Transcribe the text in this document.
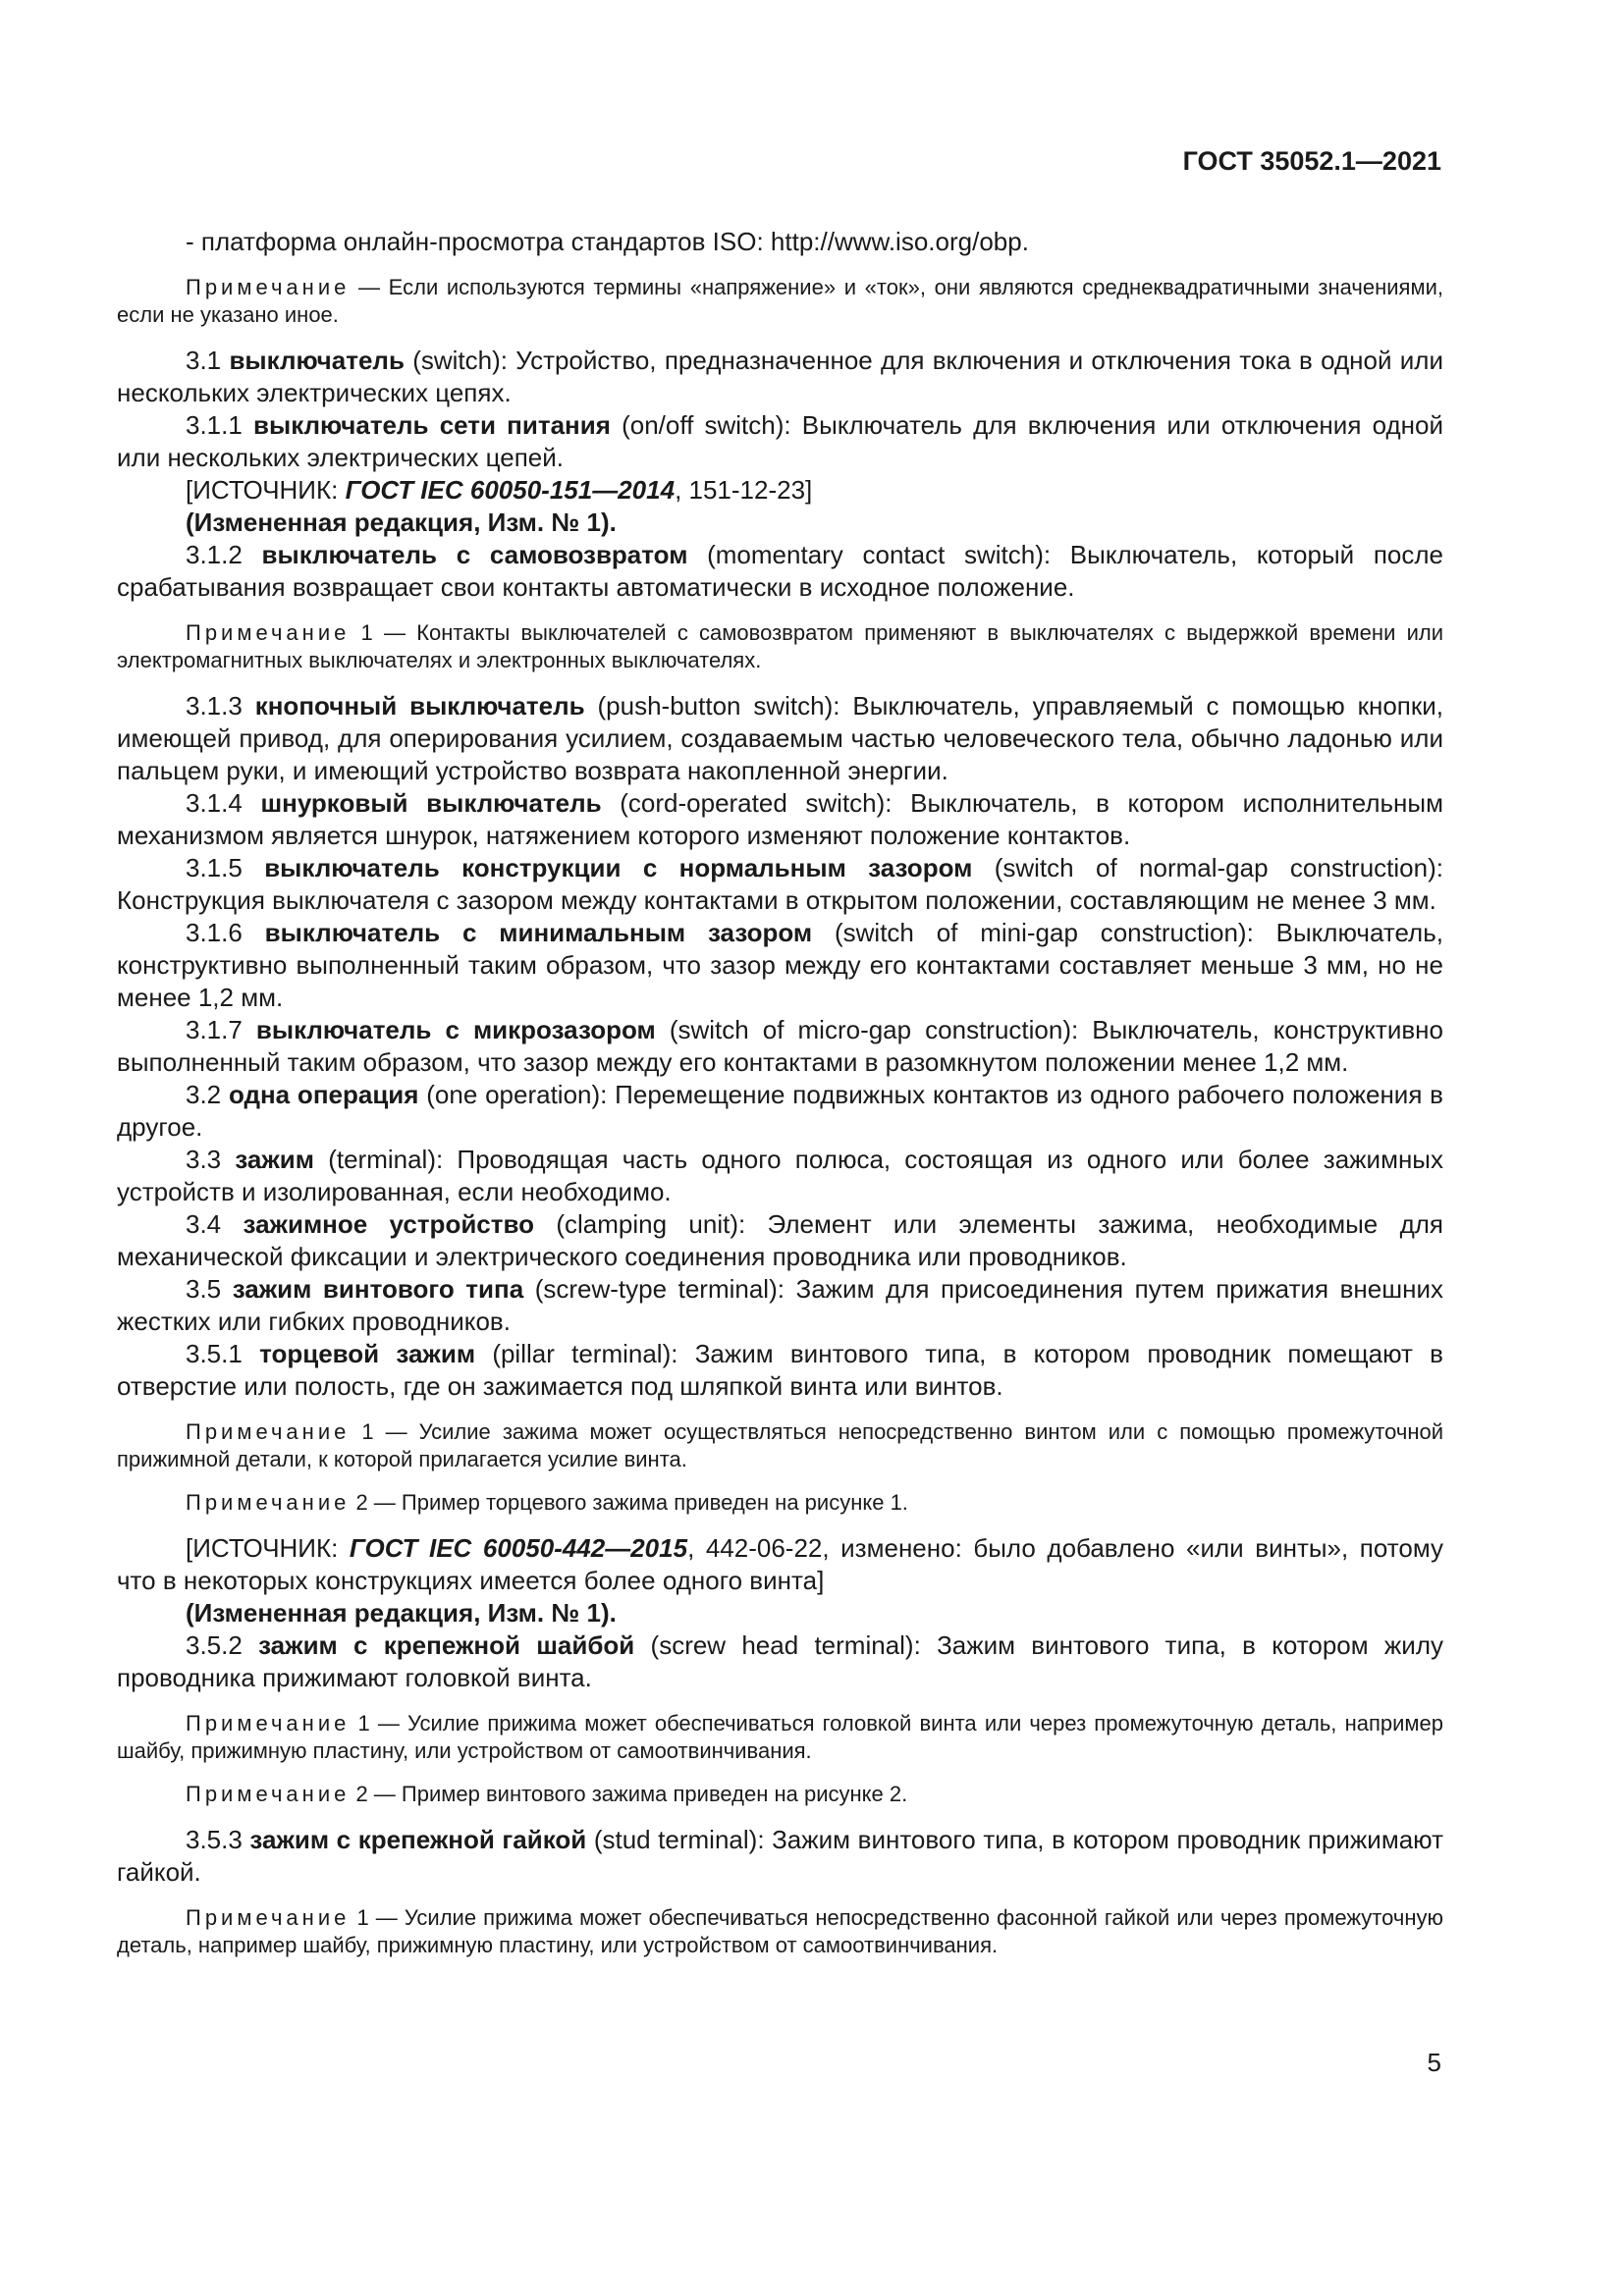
ГОСТ 35052.1—2021

- платформа онлайн-просмотра стандартов ISO: http://www.iso.org/obp.

Примечание — Если используются термины «напряжение» и «ток», они являются среднеквадратичными значениями, если не указано иное.

3.1 выключатель (switch): Устройство, предназначенное для включения и отключения тока в одной или нескольких электрических цепях.

3.1.1 выключатель сети питания (on/off switch): Выключатель для включения или отключения одной или нескольких электрических цепей.

[ИСТОЧНИК: ГОСТ IEC 60050-151—2014, 151-12-23]

(Измененная редакция, Изм. № 1).

3.1.2 выключатель с самовозвратом (momentary contact switch): Выключатель, который после срабатывания возвращает свои контакты автоматически в исходное положение.

Примечание 1 — Контакты выключателей с самовозвратом применяют в выключателях с выдержкой времени или электромагнитных выключателях и электронных выключателях.

3.1.3 кнопочный выключатель (push-button switch): Выключатель, управляемый с помощью кнопки, имеющей привод, для оперирования усилием, создаваемым частью человеческого тела, обычно ладонью или пальцем руки, и имеющий устройство возврата накопленной энергии.

3.1.4 шнурковый выключатель (cord-operated switch): Выключатель, в котором исполнительным механизмом является шнурок, натяжением которого изменяют положение контактов.

3.1.5 выключатель конструкции с нормальным зазором (switch of normal-gap construction): Конструкция выключателя с зазором между контактами в открытом положении, составляющим не менее 3 мм.

3.1.6 выключатель с минимальным зазором (switch of mini-gap construction): Выключатель, конструктивно выполненный таким образом, что зазор между его контактами составляет меньше 3 мм, но не менее 1,2 мм.

3.1.7 выключатель с микрозазором (switch of micro-gap construction): Выключатель, конструктивно выполненный таким образом, что зазор между его контактами в разомкнутом положении менее 1,2 мм.

3.2 одна операция (one operation): Перемещение подвижных контактов из одного рабочего положения в другое.

3.3 зажим (terminal): Проводящая часть одного полюса, состоящая из одного или более зажимных устройств и изолированная, если необходимо.

3.4 зажимное устройство (clamping unit): Элемент или элементы зажима, необходимые для механической фиксации и электрического соединения проводника или проводников.

3.5 зажим винтового типа (screw-type terminal): Зажим для присоединения путем прижатия внешних жестких или гибких проводников.

3.5.1 торцевой зажим (pillar terminal): Зажим винтового типа, в котором проводник помещают в отверстие или полость, где он зажимается под шляпкой винта или винтов.

Примечание 1 — Усилие зажима может осуществляться непосредственно винтом или с помощью промежуточной прижимной детали, к которой прилагается усилие винта.

Примечание 2 — Пример торцевого зажима приведен на рисунке 1.

[ИСТОЧНИК: ГОСТ IEC 60050-442—2015, 442-06-22, изменено: было добавлено «или винты», потому что в некоторых конструкциях имеется более одного винта]

(Измененная редакция, Изм. № 1).

3.5.2 зажим с крепежной шайбой (screw head terminal): Зажим винтового типа, в котором жилу проводника прижимают головкой винта.

Примечание 1 — Усилие прижима может обеспечиваться головкой винта или через промежуточную деталь, например шайбу, прижимную пластину, или устройством от самоотвинчивания.

Примечание 2 — Пример винтового зажима приведен на рисунке 2.

3.5.3 зажим с крепежной гайкой (stud terminal): Зажим винтового типа, в котором проводник прижимают гайкой.

Примечание 1 — Усилие прижима может обеспечиваться непосредственно фасонной гайкой или через промежуточную деталь, например шайбу, прижимную пластину, или устройством от самоотвинчивания.

5
